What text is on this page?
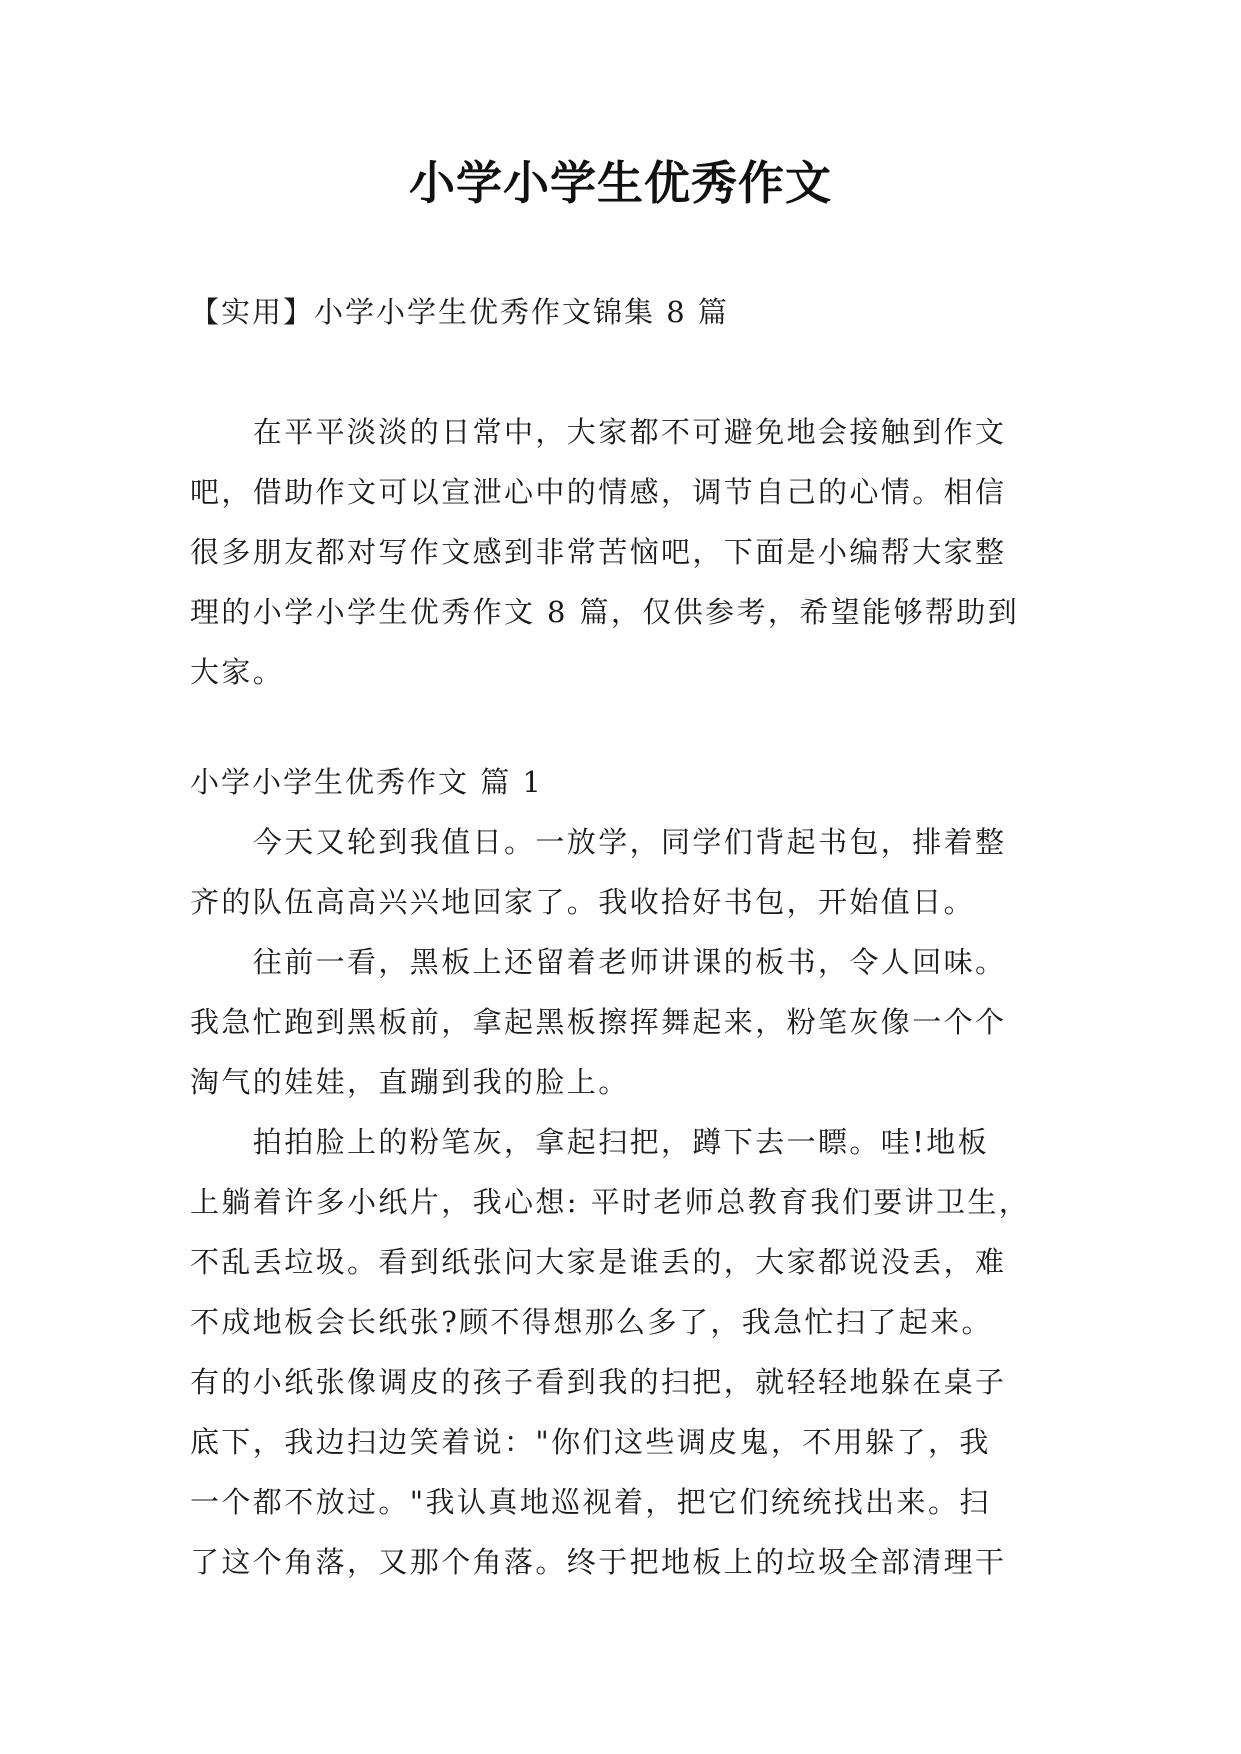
小学小学生优秀作文
【实用】小学小学生优秀作文锦集 8 篇
　　在平平淡淡的日常中，大家都不可避免地会接触到作文
吧，借助作文可以宣泄心中的情感，调节自己的心情。相信
很多朋友都对写作文感到非常苦恼吧，下面是小编帮大家整
理的小学小学生优秀作文 8 篇，仅供参考，希望能够帮助到
大家。
小学小学生优秀作文 篇 1
　　今天又轮到我值日。一放学，同学们背起书包，排着整
齐的队伍高高兴兴地回家了。我收拾好书包，开始值日。
　　往前一看，黑板上还留着老师讲课的板书，令人回味。
我急忙跑到黑板前，拿起黑板擦挥舞起来，粉笔灰像一个个
淘气的娃娃，直蹦到我的脸上。
　　拍拍脸上的粉笔灰，拿起扫把，蹲下去一瞟。哇!地板
上躺着许多小纸片，我心想: 平时老师总教育我们要讲卫生，
不乱丢垃圾。看到纸张问大家是谁丢的，大家都说没丢，难
不成地板会长纸张?顾不得想那么多了，我急忙扫了起来。
有的小纸张像调皮的孩子看到我的扫把，就轻轻地躲在桌子
底下，我边扫边笑着说："你们这些调皮鬼，不用躲了，我
一个都不放过。"我认真地巡视着，把它们统统找出来。扫
了这个角落，又那个角落。终于把地板上的垃圾全部清理干
